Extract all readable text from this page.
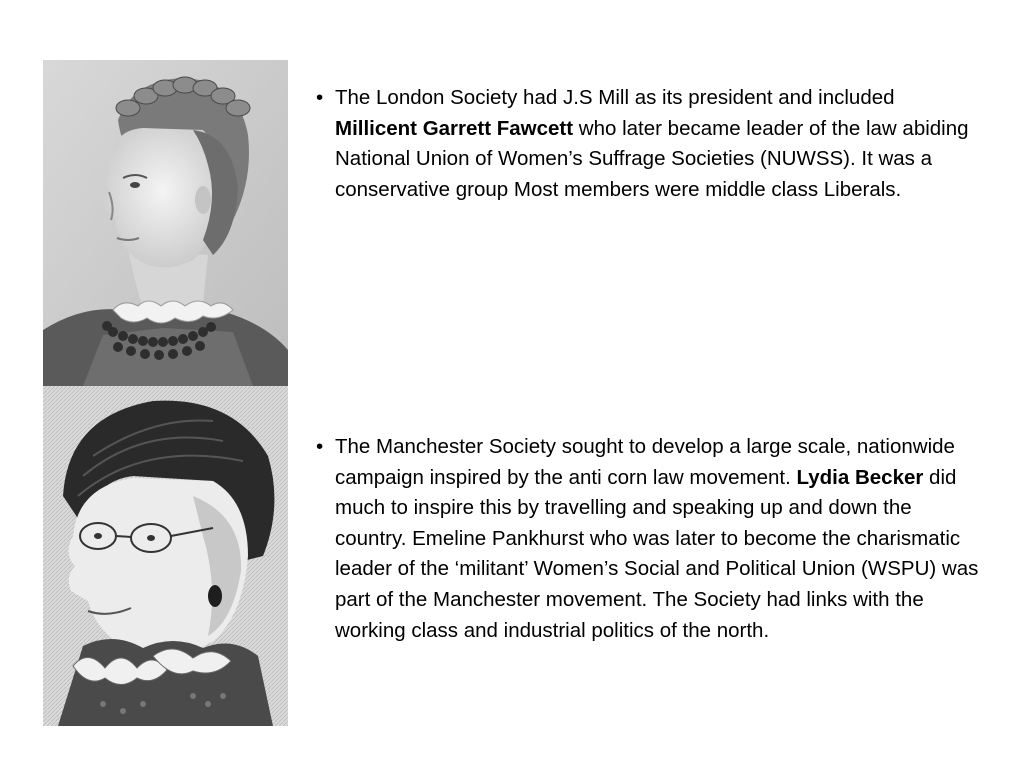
• The London Society had J.S Mill as its president and included Millicent Garrett Fawcett who later became leader of the law abiding National Union of Women’s Suffrage Societies (NUWSS). It was a conservative group Most members were middle class Liberals.
• The Manchester Society sought to develop a large scale, nationwide campaign inspired by the anti corn law movement. Lydia Becker did much to inspire this by travelling and speaking up and down the country. Emeline Pankhurst who was later to become the charismatic leader of the ‘militant’ Women’s Social and Political Union (WSPU) was part of the Manchester movement. The Society had links with the working class and industrial politics of the north.
